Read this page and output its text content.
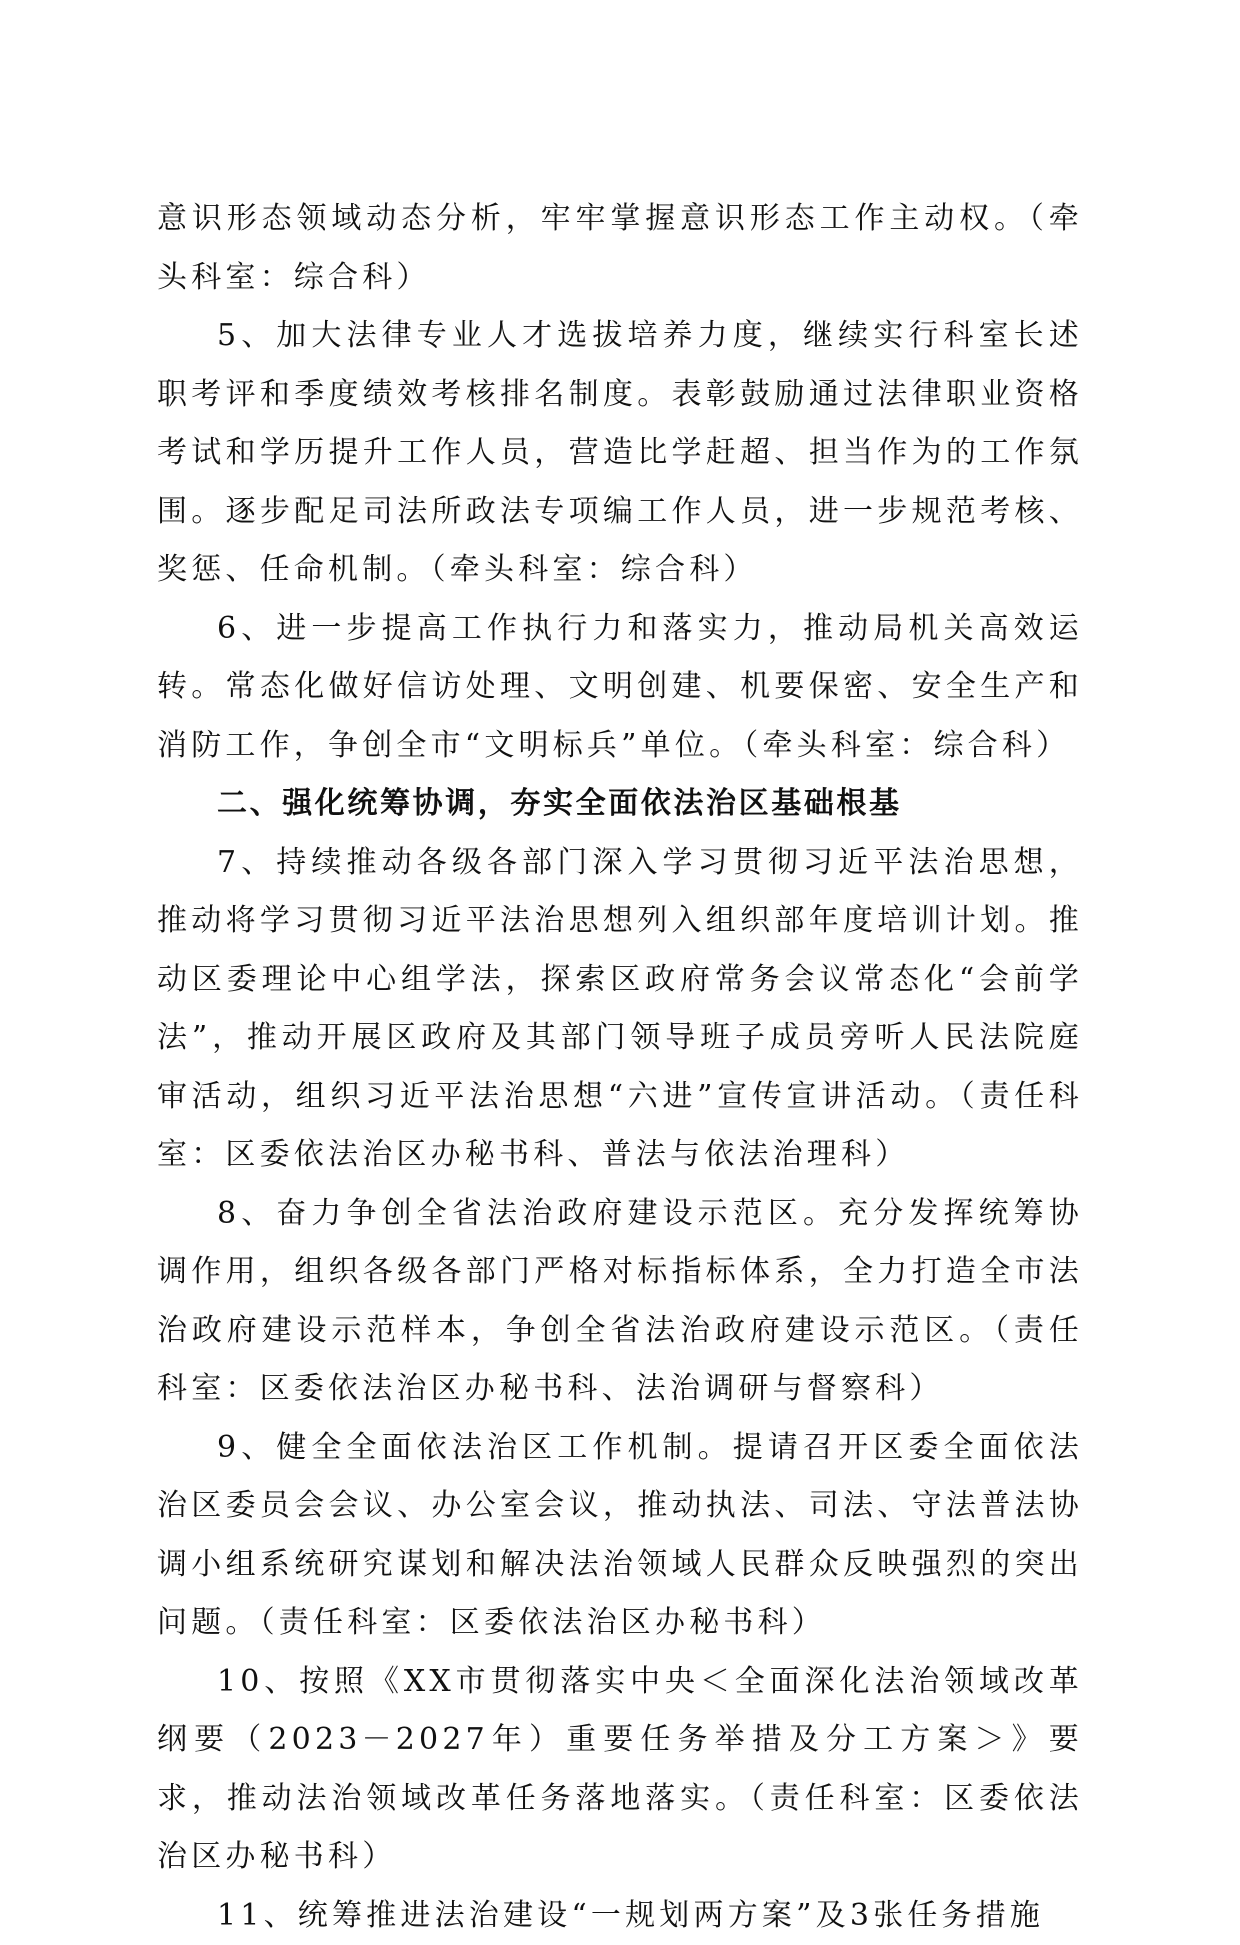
意识形态领域动态分析，牢牢掌握意识形态工作主动权。（牵头科室：综合科）

5、加大法律专业人才选拔培养力度，继续实行科室长述职考评和季度绩效考核排名制度。表彰鼓励通过法律职业资格考试和学历提升工作人员，营造比学赶超、担当作为的工作氛围。逐步配足司法所政法专项编工作人员，进一步规范考核、奖惩、任命机制。（牵头科室：综合科）

6、进一步提高工作执行力和落实力，推动局机关高效运转。常态化做好信访处理、文明创建、机要保密、安全生产和消防工作，争创全市“文明标兵”单位。（牵头科室：综合科）

二、强化统筹协调，夯实全面依法治区基础根基

7、持续推动各级各部门深入学习贯彻习近平法治思想，推动将学习贯彻习近平法治思想列入组织部年度培训计划。推动区委理论中心组学法，探索区政府常务会议常态化“会前学法”，推动开展区政府及其部门领导班子成员旁听人民法院庭审活动，组织习近平法治思想“六进”宣传宣讲活动。（责任科室：区委依法治区办秘书科、普法与依法治理科）

8、奋力争创全省法治政府建设示范区。充分发挥统筹协调作用，组织各级各部门严格对标指标体系，全力打造全市法治政府建设示范样本，争创全省法治政府建设示范区。（责任科室：区委依法治区办秘书科、法治调研与督察科）

9、健全全面依法治区工作机制。提请召开区委全面依法治区委员会会议、办公室会议，推动执法、司法、守法普法协调小组系统研究谋划和解决法治领域人民群众反映强烈的突出问题。（责任科室：区委依法治区办秘书科）

10、按照《XX市贯彻落实中央＜全面深化法治领域改革纲要（2023－2027年）重要任务举措及分工方案＞》要求，推动法治领域改革任务落地落实。（责任科室：区委依法治区办秘书科）

11、统筹推进法治建设“一规划两方案”及3张任务措施
